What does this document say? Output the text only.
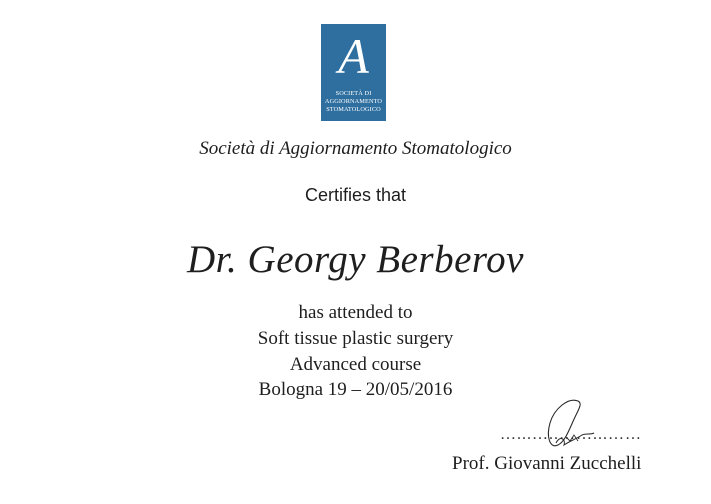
A
SOCIETÀ DI
AGGIORNAMENTO
STOMATOLOGICO
Società di Aggiornamento Stomatologico
Certifies that
Dr. Georgy Berberov
has attended to
Soft tissue plastic surgery
Advanced course
Bologna 19 – 20/05/2016
…...…..……...……
Prof. Giovanni Zucchelli
